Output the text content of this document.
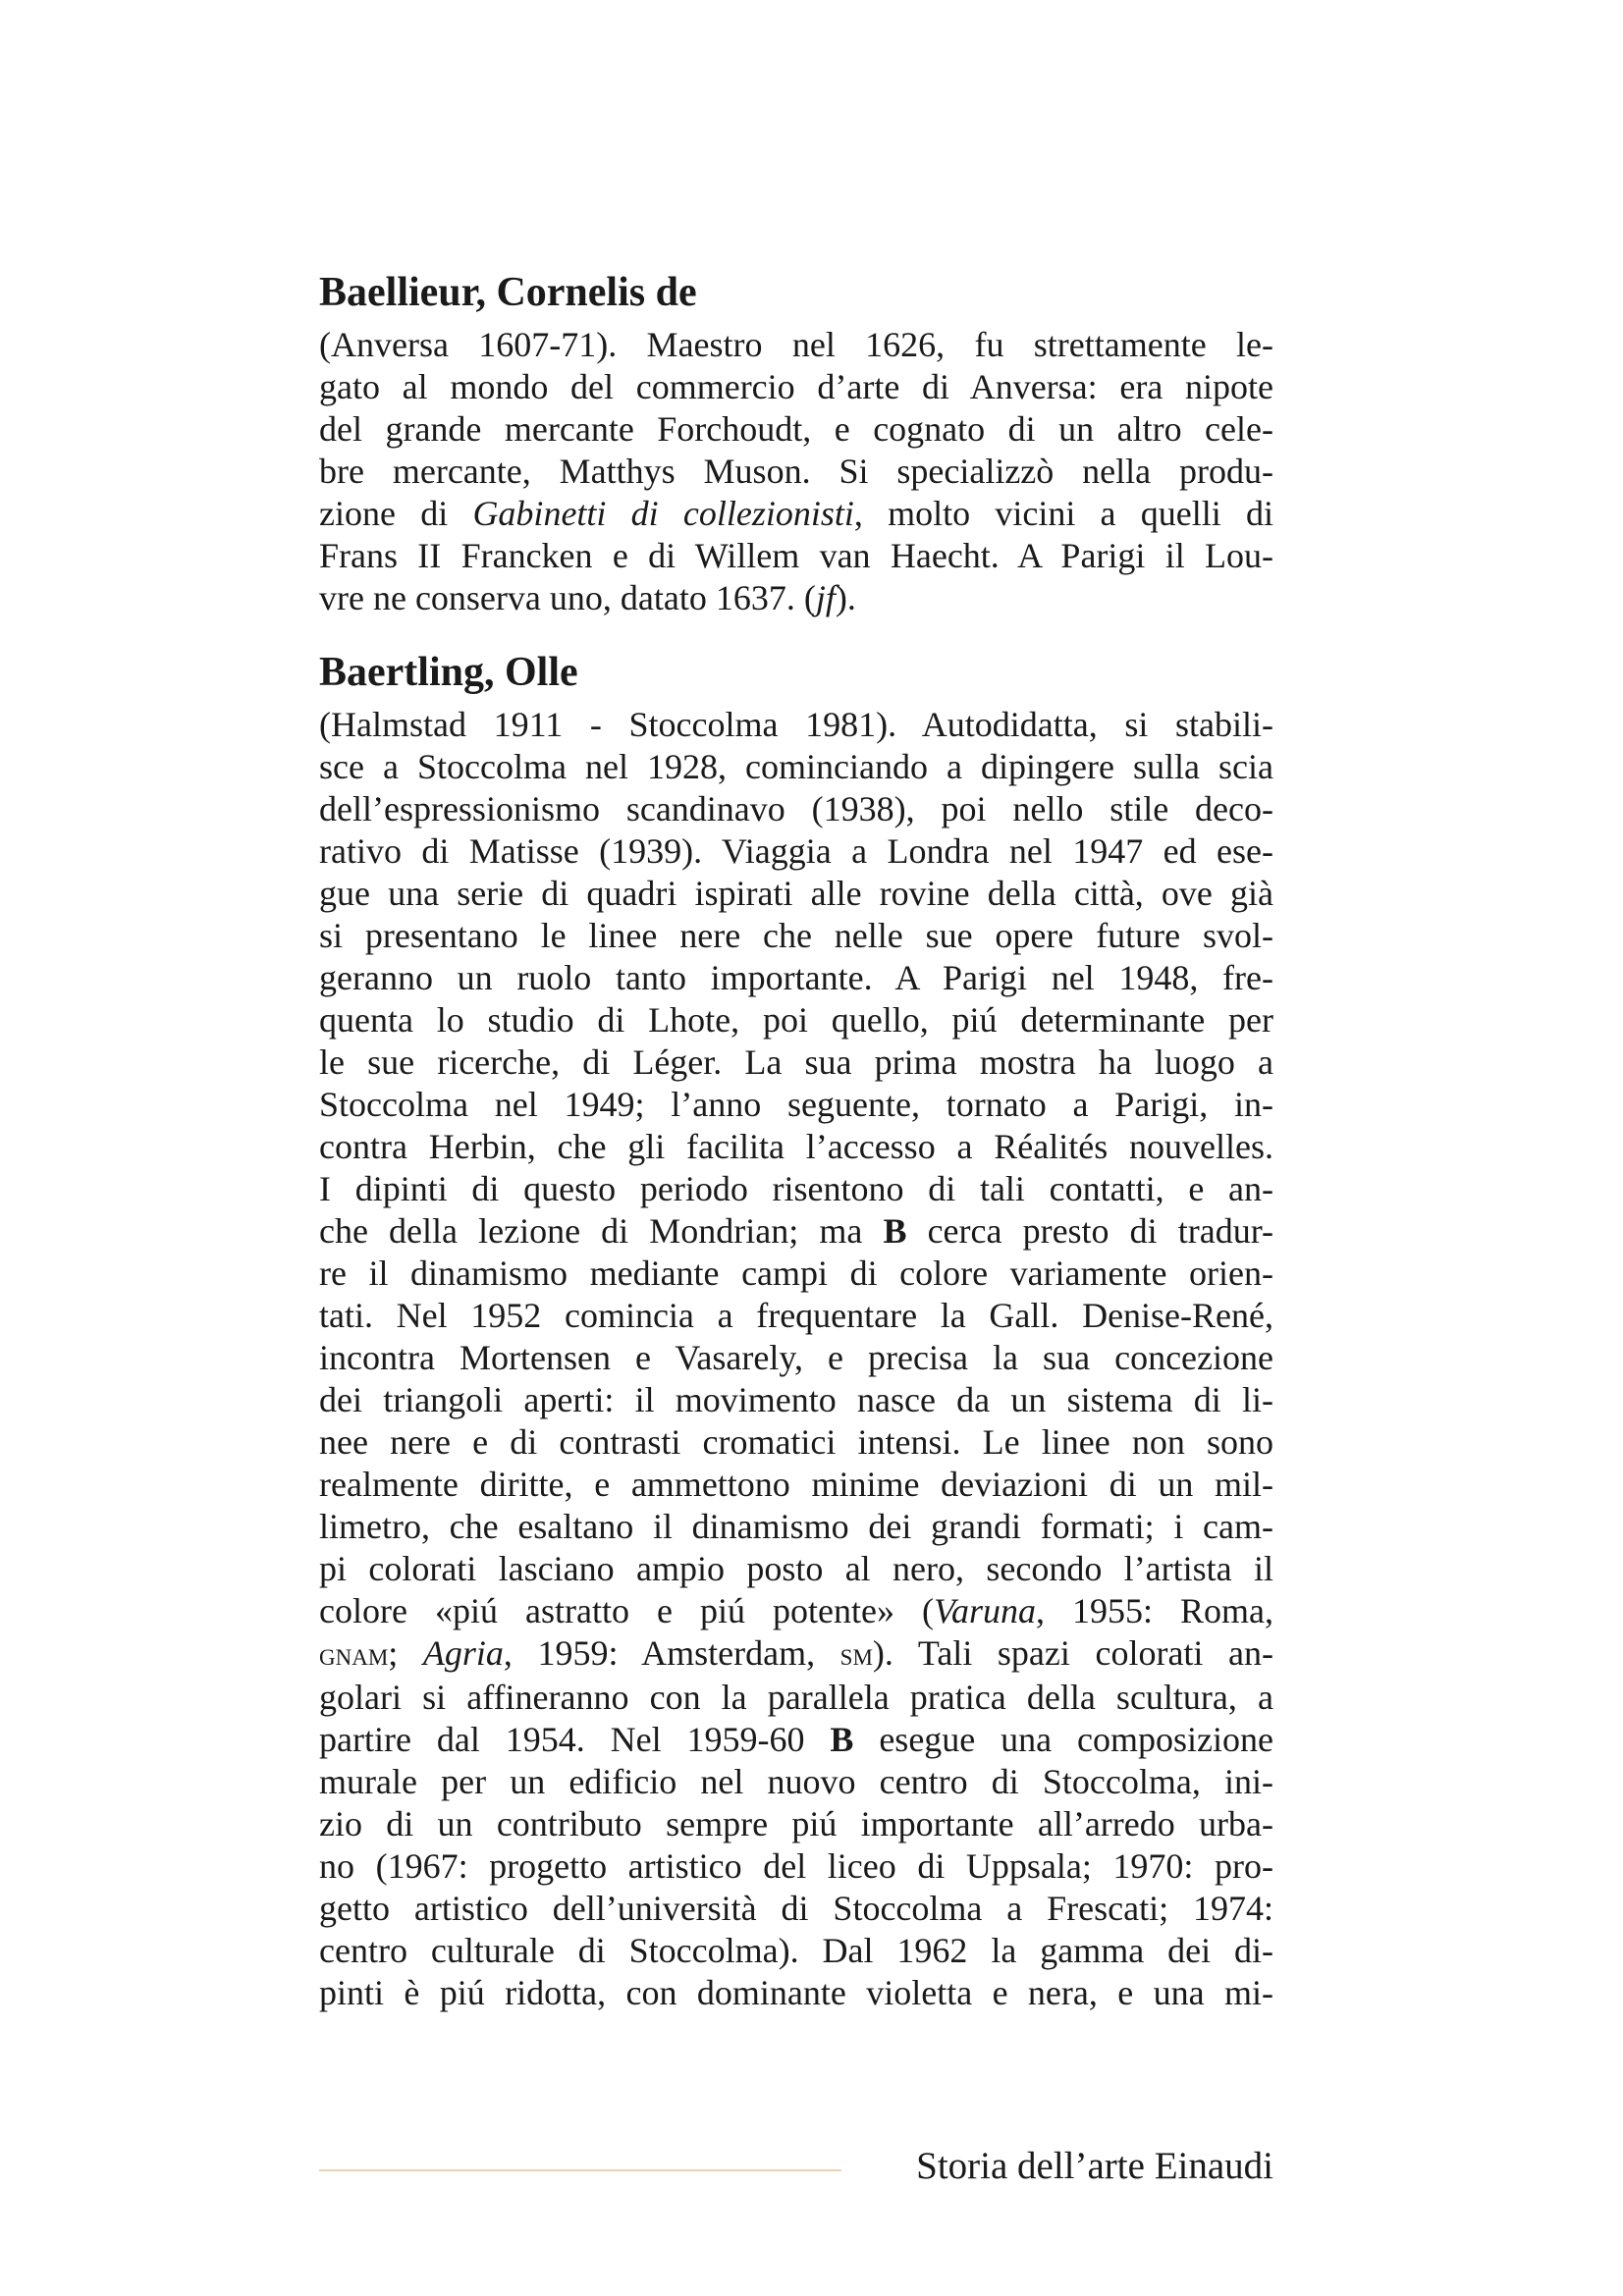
Baellieur, Cornelis de
(Anversa 1607-71). Maestro nel 1626, fu strettamente le-
gato al mondo del commercio d’arte di Anversa: era nipote
del grande mercante Forchoudt, e cognato di un altro cele-
bre mercante, Matthys Muson. Si specializzò nella produ-
zione di Gabinetti di collezionisti, molto vicini a quelli di
Frans II Francken e di Willem van Haecht. A Parigi il Lou-
vre ne conserva uno, datato 1637. (jf).
Baertling, Olle
(Halmstad 1911 - Stoccolma 1981). Autodidatta, si stabili-
sce a Stoccolma nel 1928, cominciando a dipingere sulla scia
dell’espressionismo scandinavo (1938), poi nello stile deco-
rativo di Matisse (1939). Viaggia a Londra nel 1947 ed ese-
gue una serie di quadri ispirati alle rovine della città, ove già
si presentano le linee nere che nelle sue opere future svol-
geranno un ruolo tanto importante. A Parigi nel 1948, fre-
quenta lo studio di Lhote, poi quello, piú determinante per
le sue ricerche, di Léger. La sua prima mostra ha luogo a
Stoccolma nel 1949; l’anno seguente, tornato a Parigi, in-
contra Herbin, che gli facilita l’accesso a Réalités nouvelles.
I dipinti di questo periodo risentono di tali contatti, e an-
che della lezione di Mondrian; ma B cerca presto di tradur-
re il dinamismo mediante campi di colore variamente orien-
tati. Nel 1952 comincia a frequentare la Gall. Denise-René,
incontra Mortensen e Vasarely, e precisa la sua concezione
dei triangoli aperti: il movimento nasce da un sistema di li-
nee nere e di contrasti cromatici intensi. Le linee non sono
realmente diritte, e ammettono minime deviazioni di un mil-
limetro, che esaltano il dinamismo dei grandi formati; i cam-
pi colorati lasciano ampio posto al nero, secondo l’artista il
colore «piú astratto e piú potente» (Varuna, 1955: Roma,
gnam; Agria, 1959: Amsterdam, sm). Tali spazi colorati an-
golari si affineranno con la parallela pratica della scultura, a
partire dal 1954. Nel 1959-60 B esegue una composizione
murale per un edificio nel nuovo centro di Stoccolma, ini-
zio di un contributo sempre piú importante all’arredo urba-
no (1967: progetto artistico del liceo di Uppsala; 1970: pro-
getto artistico dell’università di Stoccolma a Frescati; 1974:
centro culturale di Stoccolma). Dal 1962 la gamma dei di-
pinti è piú ridotta, con dominante violetta e nera, e una mi-
Storia dell’arte Einaudi
